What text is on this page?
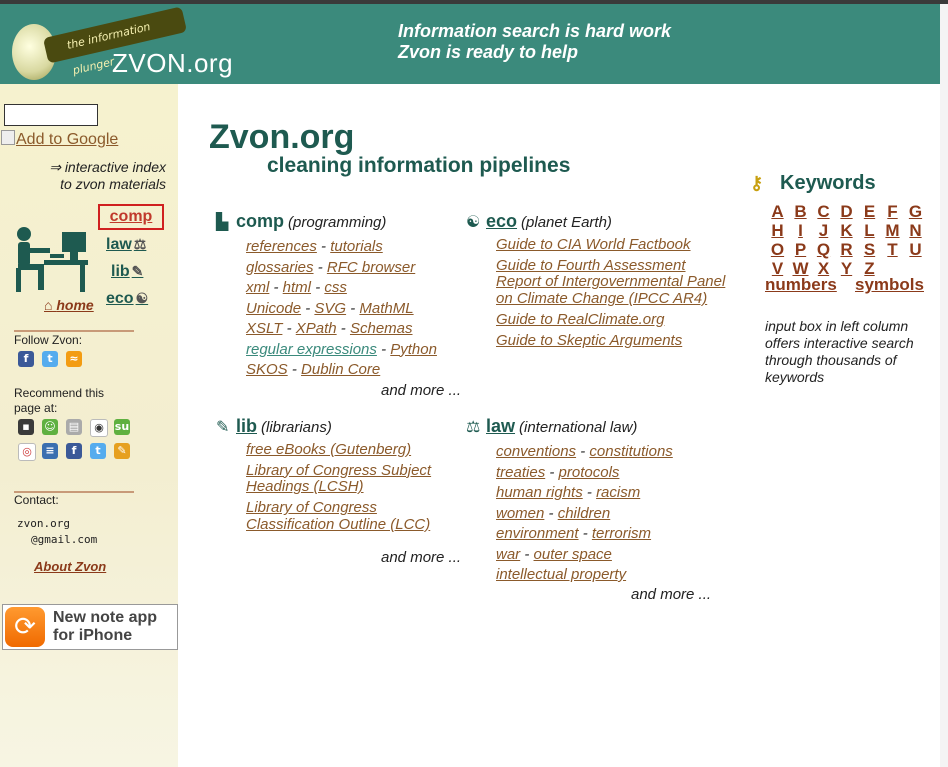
the information plunger
ZVON.org
Information search is hard work
Zvon is ready to help
Add to Google
⇒ interactive index
to zvon materials
comp
law ⚖
lib ✎
⌂ home eco ☯
Follow Zvon:
f	t	≈
Recommend this
page at:
▪	☺ ▤	◉	su
◎	≡	f	t	✎
Contact:
zvon.org
@gmail.com
About Zvon
⟳	New note app
for iPhone
Zvon.org
cleaning information pipelines
▙ comp (programming)
references - tutorials
glossaries - RFC browser
xml - html - css
Unicode - SVG - MathML
XSLT - XPath - Schemas
regular expressions - Python
SKOS - Dublin Core
and more ...
☯ eco (planet Earth)
Guide to CIA World Factbook
Guide to Fourth Assessment Report of Intergovernmental Panel on Climate Change (IPCC AR4)
Guide to RealClimate.org
Guide to Skeptic Arguments
✎ lib (librarians)
free eBooks (Gutenberg)
Library of Congress Subject Headings (LCSH)
Library of Congress Classification Outline (LCC)
and more ...
⚖ law (international law)
conventions - constitutions
treaties - protocols
human rights - racism
women - children
environment - terrorism
war - outer space
intellectual property
and more ...
⚷ Keywords
A B C D E F G
H I J K L M N
O P Q R S T U
V W X Y Z
numbers symbols
input box in left column offers interactive search through thousands of keywords
